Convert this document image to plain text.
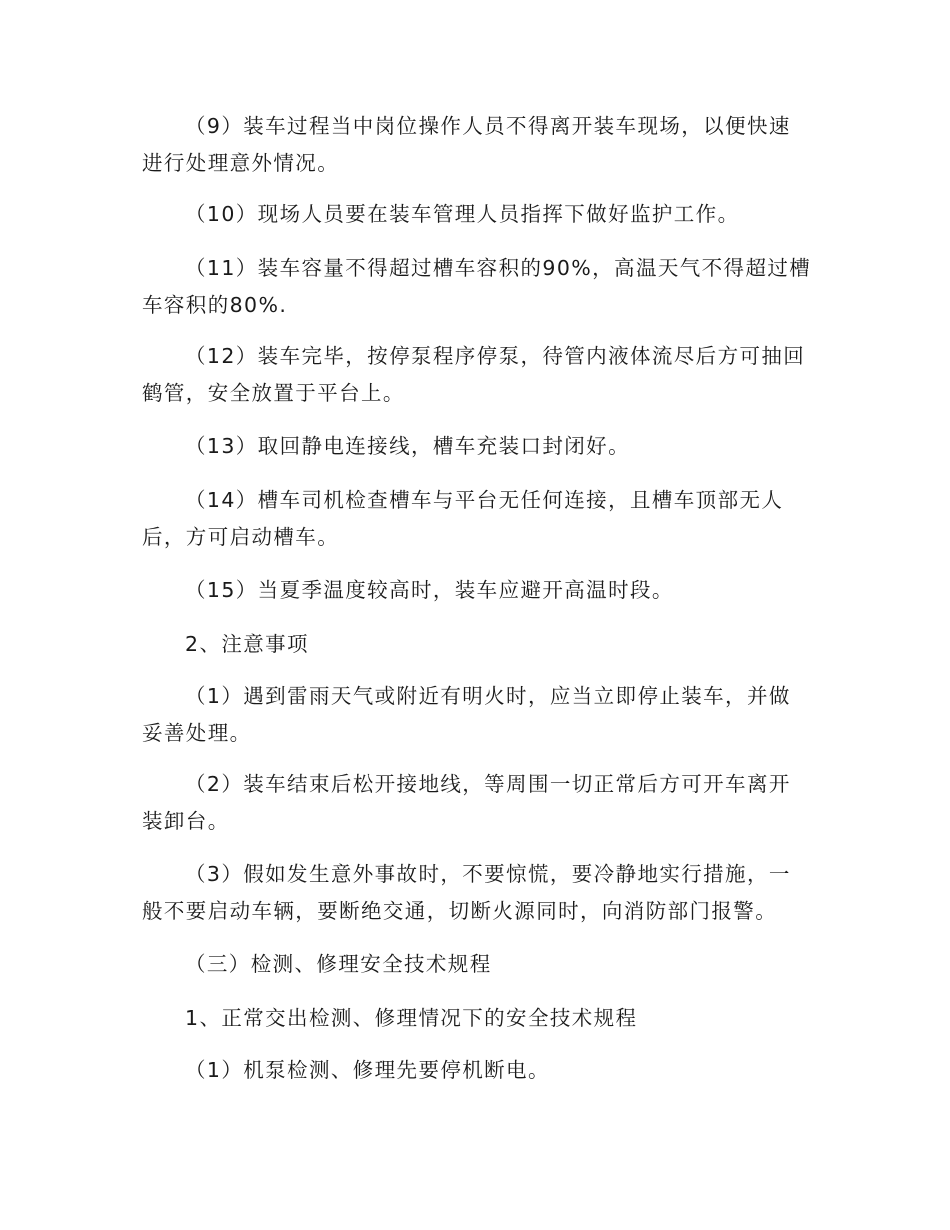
（9）装车过程当中岗位操作人员不得离开装车现场，以便快速进行处理意外情况。

（10）现场人员要在装车管理人员指挥下做好监护工作。

（11）装车容量不得超过槽车容积的90%，高温天气不得超过槽车容积的80%.

（12）装车完毕，按停泵程序停泵，待管内液体流尽后方可抽回鹤管，安全放置于平台上。

（13）取回静电连接线，槽车充装口封闭好。

（14）槽车司机检查槽车与平台无任何连接，且槽车顶部无人后，方可启动槽车。

（15）当夏季温度较高时，装车应避开高温时段。

2、注意事项

（1）遇到雷雨天气或附近有明火时，应当立即停止装车，并做妥善处理。

（2）装车结束后松开接地线，等周围一切正常后方可开车离开装卸台。

（3）假如发生意外事故时，不要惊慌，要冷静地实行措施，一般不要启动车辆，要断绝交通，切断火源同时，向消防部门报警。

（三）检测、修理安全技术规程

1、正常交出检测、修理情况下的安全技术规程

（1）机泵检测、修理先要停机断电。
